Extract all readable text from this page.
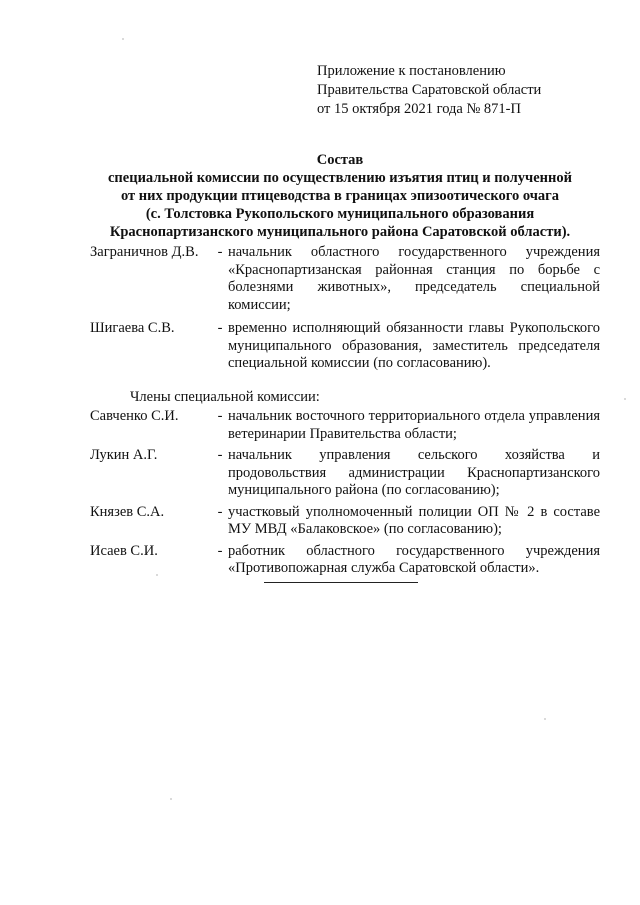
Приложение к постановлению
Правительства Саратовской области
от 15 октября 2021 года № 871-П
Состав
специальной комиссии по осуществлению изъятия птиц и полученной
от них продукции птицеводства в границах эпизоотического очага
(с. Толстовка Рукопольского муниципального образования
Краснопартизанского муниципального района Саратовской области).
Заграничнов Д.В.	- начальник областного государственного учреждения «Краснопартизанская районная станция по борьбе с болезнями животных», председатель специальной комиссии;
Шигаева С.В.	- временно исполняющий обязанности главы Рукопольского муниципального образования, заместитель председателя специальной комиссии (по согласованию).
Члены специальной комиссии:
Савченко С.И.	- начальник восточного территориального отдела управления ветеринарии Правительства области;
Лукин А.Г.	- начальник управления сельского хозяйства и продовольствия администрации Краснопартизанского муниципального района (по согласованию);
Князев С.А.	- участковый уполномоченный полиции ОП № 2 в составе МУ МВД «Балаковское» (по согласованию);
Исаев С.И.	- работник областного государственного учреждения «Противопожарная служба Саратовской области».
